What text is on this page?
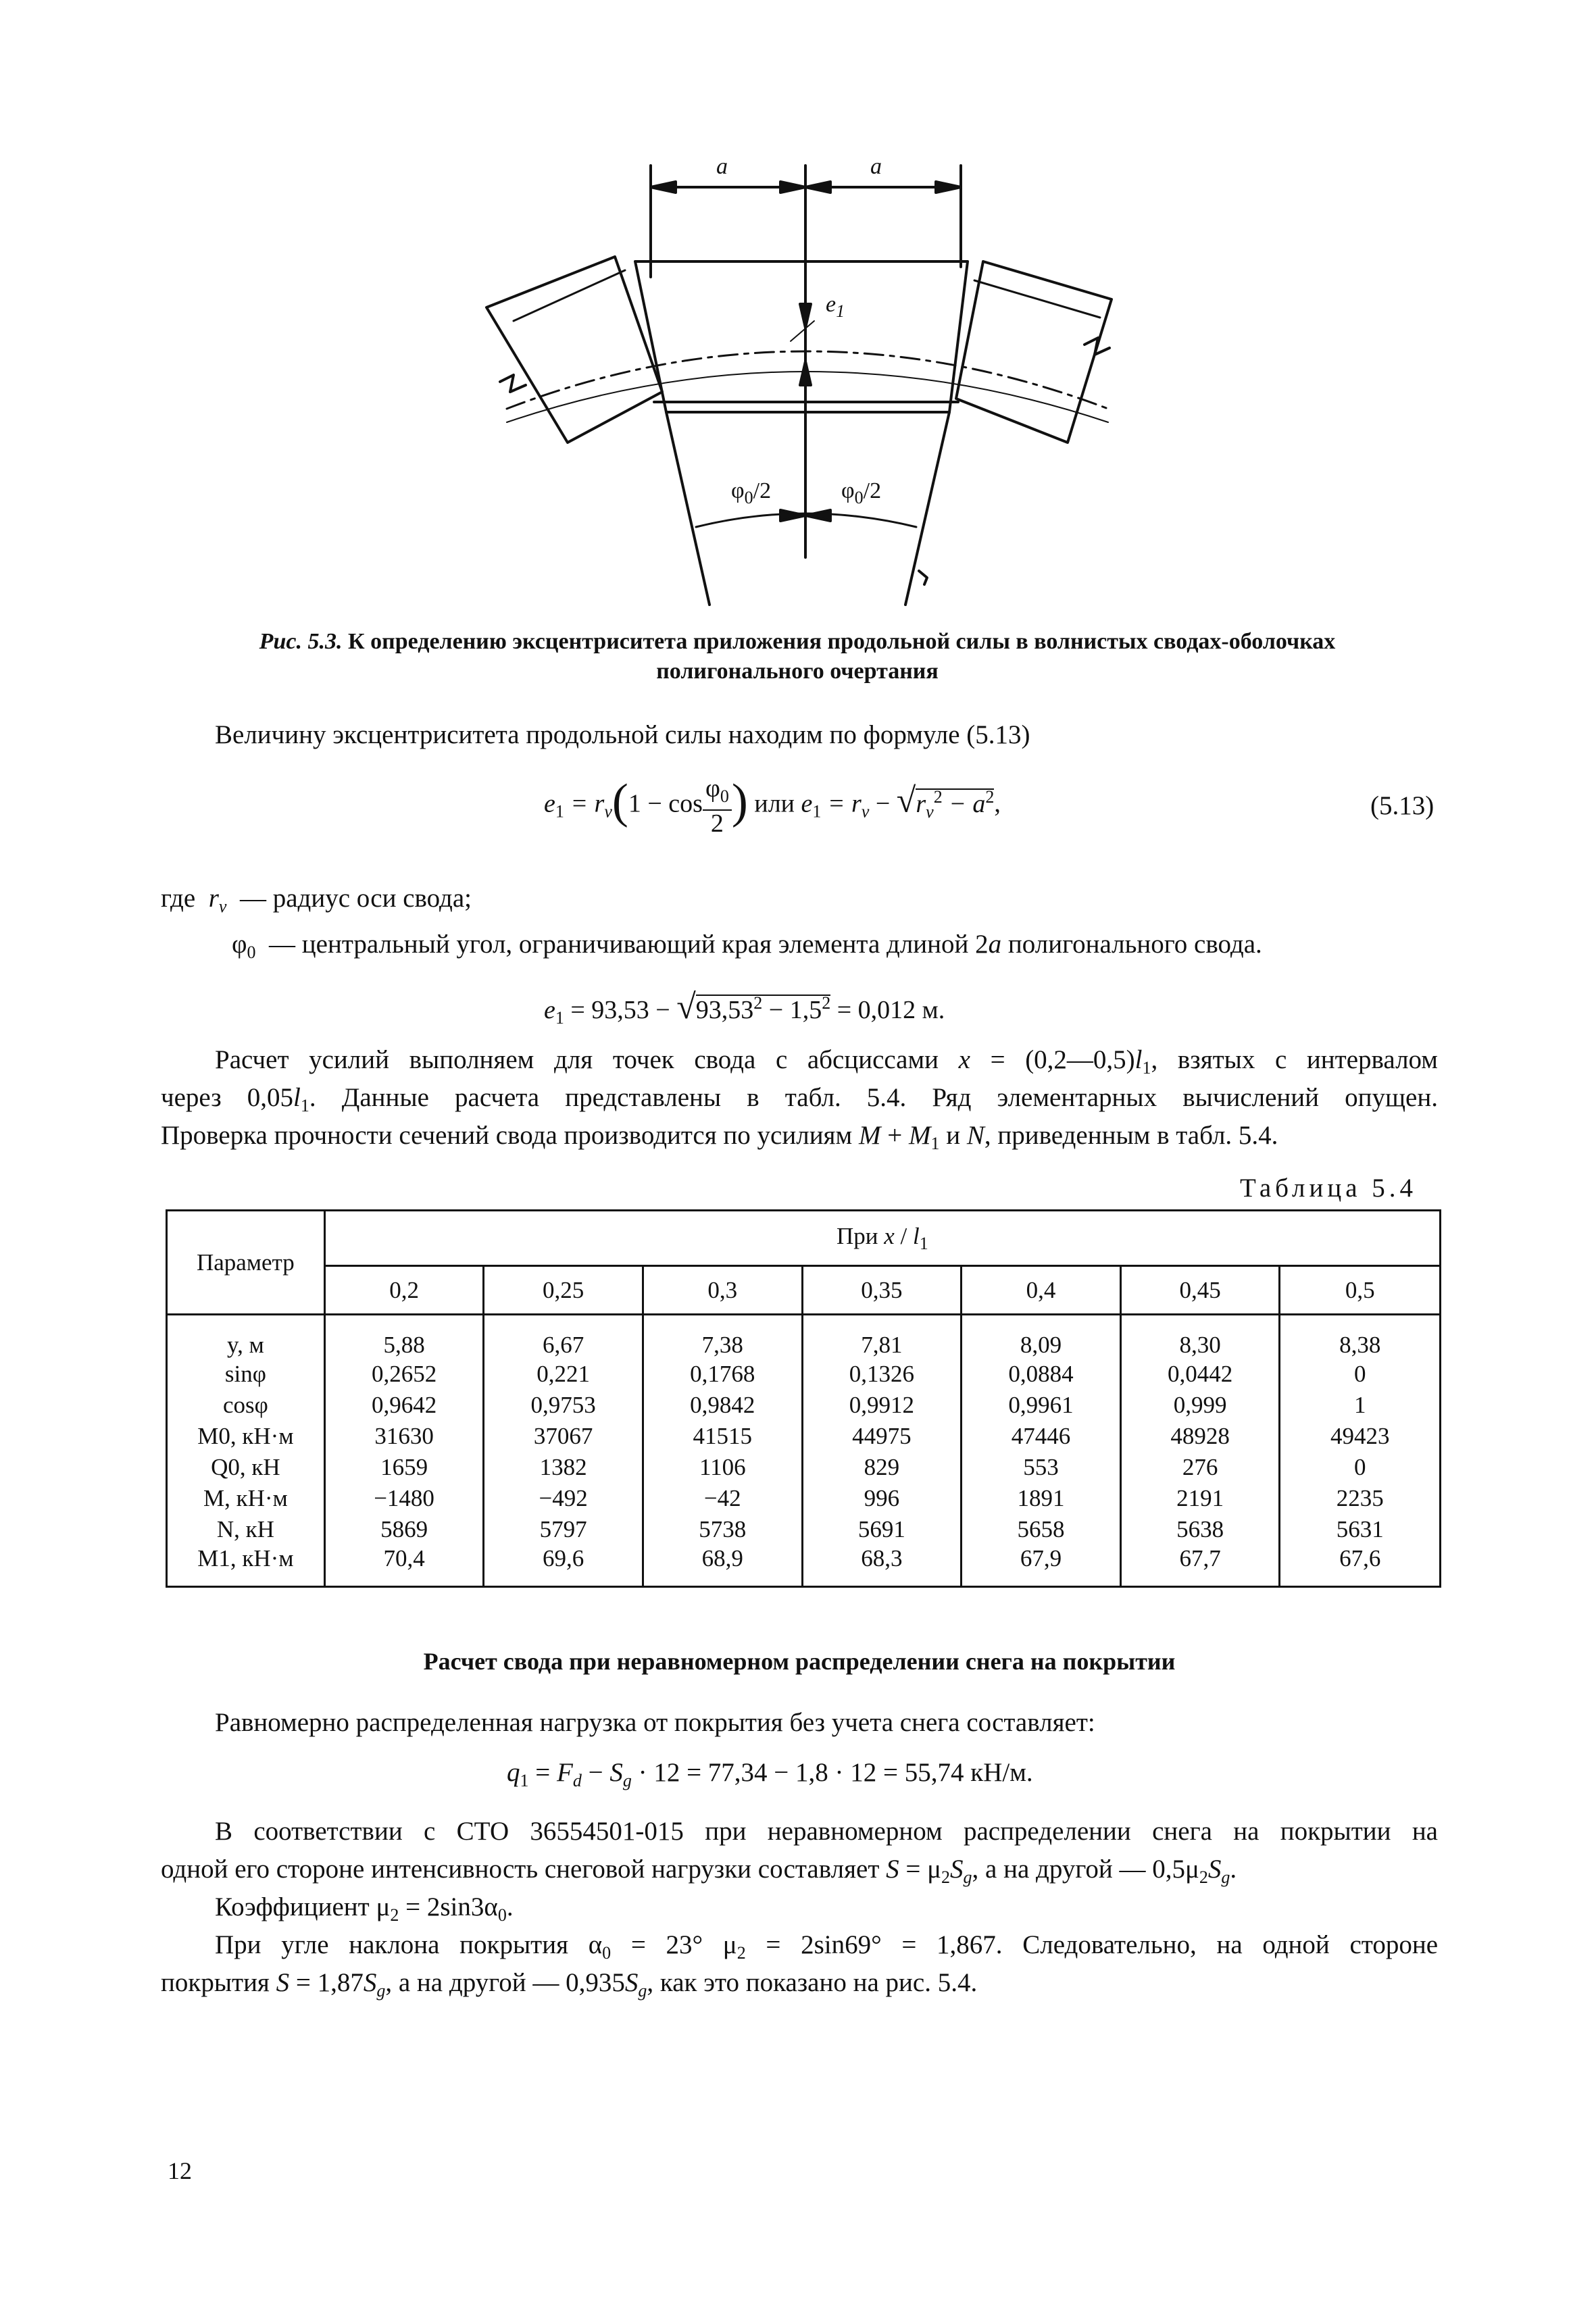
a	a
$e_1$
$\varphi_0/2$	$\varphi_0/2$
Рис. 5.3. К определению эксцентриситета приложения продольной силы в волнистых сводах-оболочках
полигонального очертания
Величину эксцентриситета продольной силы находим по формуле (5.13)
$e_1 = r_v(1 - \cos \frac{\varphi_0}{2}$ ) или $e_1 = r_v - √r_v^2 - a^2$,	(5.13)
где $r_v$ — радиус оси свода;
$\varphi_0$ — центральный угол, ограничивающий края элемента длиной 2a полигонального свода.
$e_1 = 93,53 - √93,53^2 - 1,5^2 = 0,012$ м.
Расчет усилий выполняем для точек свода с абсциссами $x = (0,2—0,5)l_1$, взятых с интервалом
через $0,05l_1$. Данные расчета представлены в табл. 5.4. Ряд элементарных вычислений опущен.
Проверка прочности сечений свода производится по усилиям $M + M_1$ и N, приведенным в табл. 5.4.
Таблица 5.4
Параметр	При x / $l_1$
	0,2	0,25	0,3	0,35	0,4	0,45	0,5
y, м	5,88	6,67	7,38	7,81	8,09	8,30	8,38
sinφ	0,2652	0,221	0,1768	0,1326	0,0884	0,0442	0
cosφ	0,9642	0,9753	0,9842	0,9912	0,9961	0,999	1
M0, кН·м	31630	37067	41515	44975	47446	48928	49423
Q0, кН	1659	1382	1106	829	553	276	0
M, кН·м	−1480	−492	−42	996	1891	2191	2235
N, кН	5869	5797	5738	5691	5658	5638	5631
M1, кН·м	70,4	69,6	68,9	68,3	67,9	67,7	67,6
Расчет свода при неравномерном распределении снега на покрытии
Равномерно распределенная нагрузка от покрытия без учета снега составляет:
$q_1 = F_d - S_g \cdot 12 = 77,34 - 1,8 \cdot 12 = 55,74$ кН/м.
В соответствии с СТО 36554501-015 при неравномерном распределении снега на покрытии на
одной его стороне интенсивность снеговой нагрузки составляет $S = \mu_2S_g$, а на другой — $0,5\mu_2S_g$.
Коэффициент $\mu_2 = 2\sin 3\alpha_0$.
При угле наклона покрытия $\alpha_0 = 23^\circ$ $\mu_2 = 2\sin 69^\circ = 1,867$. Следовательно, на одной стороне
покрытия $S = 1,87S_g$, а на другой — $0,935S_g$, как это показано на рис. 5.4.
12
